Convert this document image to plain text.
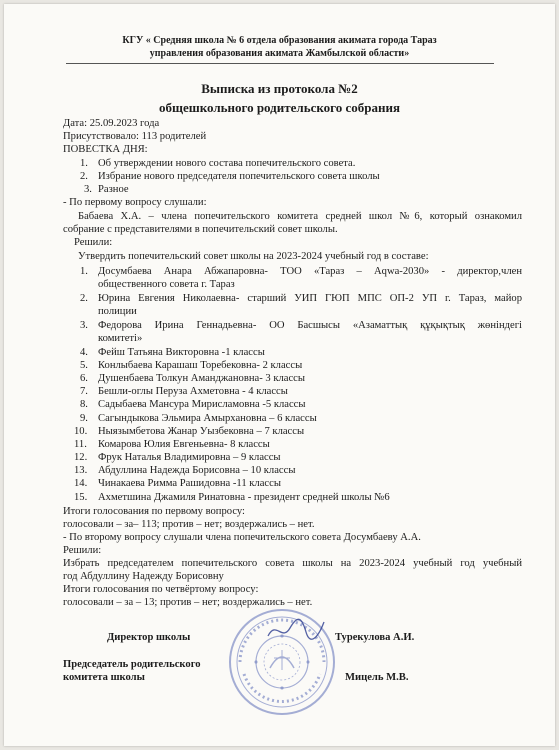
КГУ « Средняя школа № 6 отдела образования акимата города Тараз
управления образования акимата Жамбылской области»
Выписка из протокола №2
общешкольного родительского собрания
Дата: 25.09.2023 года
Присутствовало: 113 родителей
ПОВЕСТКА ДНЯ:
1. Об утверждении нового состава попечительского совета.
2. Избрание нового председателя попечительского совета школы
3. Разное
- По первому вопросу слушали:
Бабаева Х.А. – члена попечительского комитета средней школ №6, который ознакомил
собрание с представителями в попечительский совет школы.
Решили:
Утвердить попечительский совет школы на 2023-2024 учебный год в составе:
1. Досумбаева Анара Абжапаровна- ТОО «Тараз – Aqwa-2030» - директор,член
общественного совета г. Тараз
2. Юрина Евгения Николаевна- старший УИП ГЮП МПС ОП-2 УП г. Тараз, майор
полиции
3. Федорова Ирина Геннадьевна- ОО Басшысы «Азаматтық құқықтық жөніндегі
комитеті»
4. Фейш Татьяна Викторовна -1 классы
5. Конлыбаева Карашаш Торебековна- 2 классы
6. Душенбаева Толкун Аманджановна- 3 классы
7. Бешли-оглы Перуза Ахметовна - 4 классы
8. Садыбаева Мансура Мирисламовна -5 классы
9. Сагындыкова Эльмира Амырхановна – 6 классы
10. Ныязымбетова Жанар Уызбековна – 7 классы
11. Комарова Юлия Евгеньевна- 8 классы
12. Фрук Наталья Владимировна – 9 классы
13. Абдуллина Надежда Борисовна – 10 классы
14. Чинакаева Римма Рашидовна -11 классы
15. Ахметшина Джамиля Ринатовна - президент средней школы №6
Итоги голосования по первому вопросу:
голосовали – за– 113; против – нет; воздержались – нет.
- По второму вопросу слушали члена попечительского совета Досумбаеву А.А.
Решили:
Избрать председателем попечительского совета школы на 2023-2024 учебный год учебный
год Абдуллину Надежду Борисовну
Итоги голосования по четвёртому вопросу:
голосовали – за – 13; против – нет; воздержались – нет.
Директор школы	Турекулова А.И.
Председатель родительского
комитета школы	Мицель М.В.
